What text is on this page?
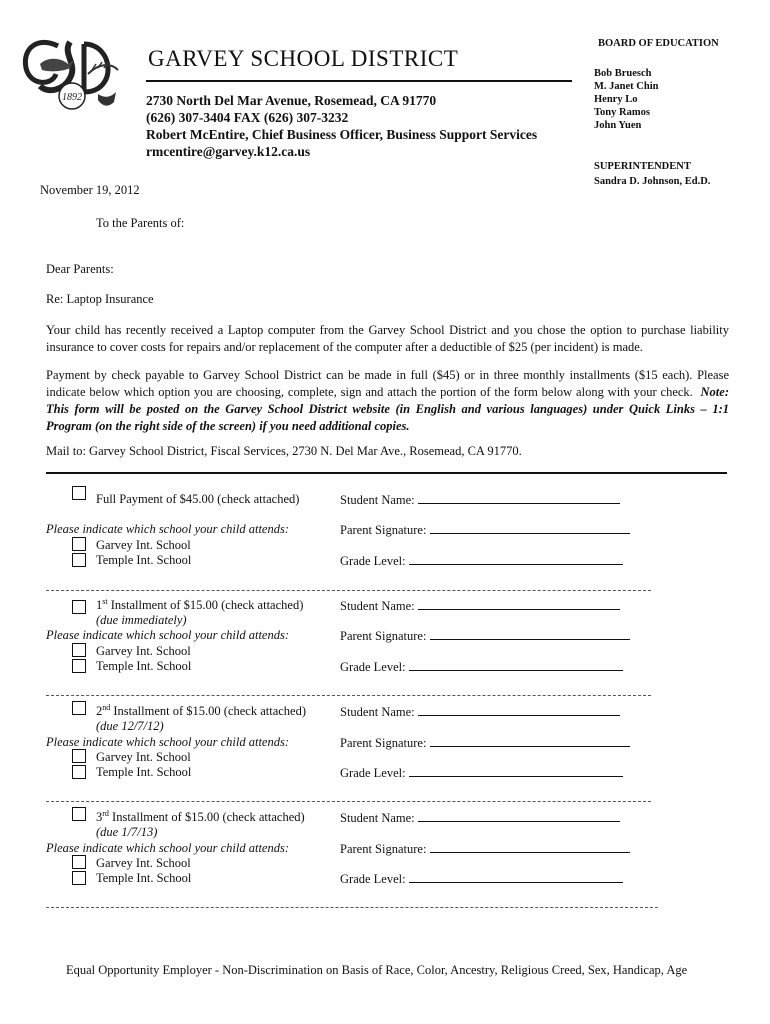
1892
GARVEY SCHOOL DISTRICT
2730 North Del Mar Avenue, Rosemead, CA 91770
(626) 307-3404 FAX (626) 307-3232
Robert McEntire, Chief Business Officer, Business Support Services
rmcentire@garvey.k12.ca.us
BOARD OF EDUCATION
Bob Bruesch
M. Janet Chin
Henry Lo
Tony Ramos
John Yuen
SUPERINTENDENT
Sandra D. Johnson, Ed.D.
November 19, 2012
To the Parents of:
Dear Parents:
Re: Laptop Insurance
Your child has recently received a Laptop computer from the Garvey School District and you chose the option to purchase liability insurance to cover costs for repairs and/or replacement of the computer after a deductible of $25 (per incident) is made.
Payment by check payable to Garvey School District can be made in full ($45) or in three monthly installments ($15 each). Please indicate below which option you are choosing, complete, sign and attach the portion of the form below along with your check. Note: This form will be posted on the Garvey School District website (in English and various languages) under Quick Links – 1:1 Program (on the right side of the screen) if you need additional copies.
Mail to: Garvey School District, Fiscal Services, 2730 N. Del Mar Ave., Rosemead, CA 91770.
Full Payment of $45.00 (check attached)
Please indicate which school your child attends:
Garvey Int. School
Temple Int. School
Student Name:
Parent Signature:
Grade Level:
1st Installment of $15.00 (check attached)
(due immediately)
Please indicate which school your child attends:
Garvey Int. School
Temple Int. School
Student Name:
Parent Signature:
Grade Level:
2nd Installment of $15.00 (check attached)
(due 12/7/12)
Please indicate which school your child attends:
Garvey Int. School
Temple Int. School
Student Name:
Parent Signature:
Grade Level:
3rd Installment of $15.00 (check attached)
(due 1/7/13)
Please indicate which school your child attends:
Garvey Int. School
Temple Int. School
Student Name:
Parent Signature:
Grade Level:
Equal Opportunity Employer - Non-Discrimination on Basis of Race, Color, Ancestry, Religious Creed, Sex, Handicap, Age
